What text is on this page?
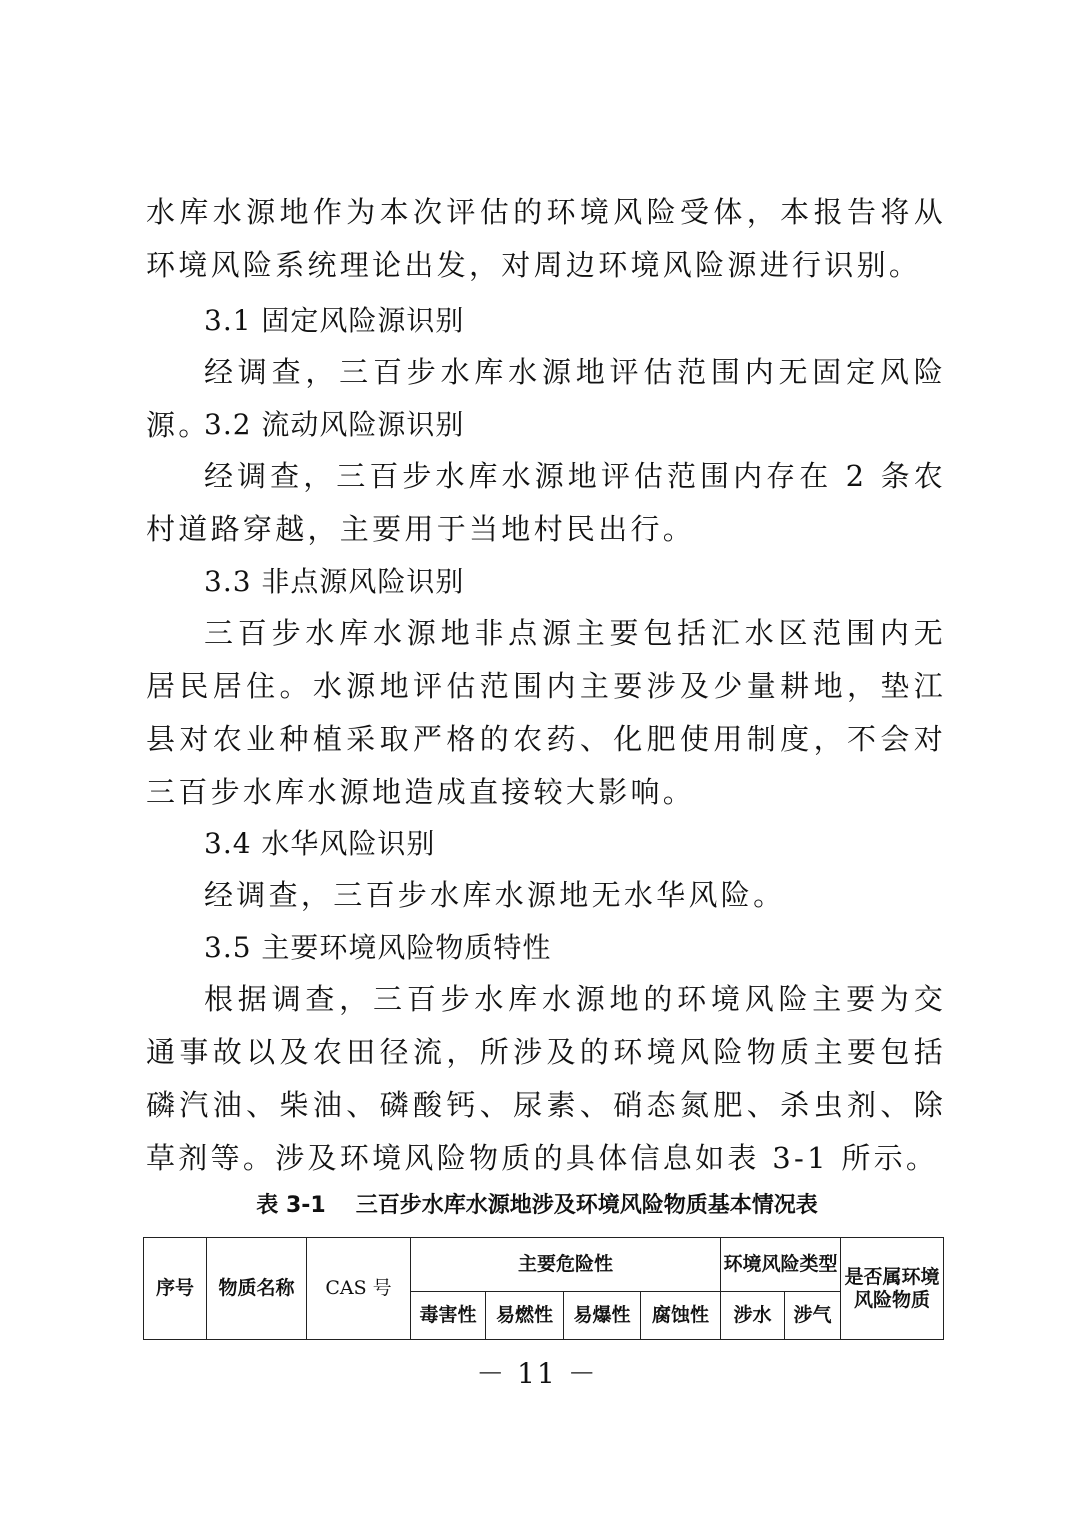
水库水源地作为本次评估的环境风险受体，本报告将从环境风险系统理论出发，对周边环境风险源进行识别。

3.1 固定风险源识别

经调查，三百步水库水源地评估范围内无固定风险源。

3.2 流动风险源识别

经调查，三百步水库水源地评估范围内存在 2 条农村道路穿越，主要用于当地村民出行。

3.3 非点源风险识别

三百步水库水源地非点源主要包括汇水区范围内无居民居住。水源地评估范围内主要涉及少量耕地，垫江县对农业种植采取严格的农药、化肥使用制度，不会对三百步水库水源地造成直接较大影响。

3.4 水华风险识别

经调查，三百步水库水源地无水华风险。

3.5 主要环境风险物质特性

根据调查，三百步水库水源地的环境风险主要为交通事故以及农田径流，所涉及的环境风险物质主要包括磷汽油、柴油、磷酸钙、尿素、硝态氮肥、杀虫剂、除草剂等。涉及环境风险物质的具体信息如表 3-1 所示。

表 3-1 三百步水库水源地涉及环境风险物质基本情况表
序号	物质名称	CAS 号	主要危险性				环境风险类型		是否属环境风险物质
			毒害性	易燃性	易爆性	腐蚀性	涉水	涉气	
－ 11 －
